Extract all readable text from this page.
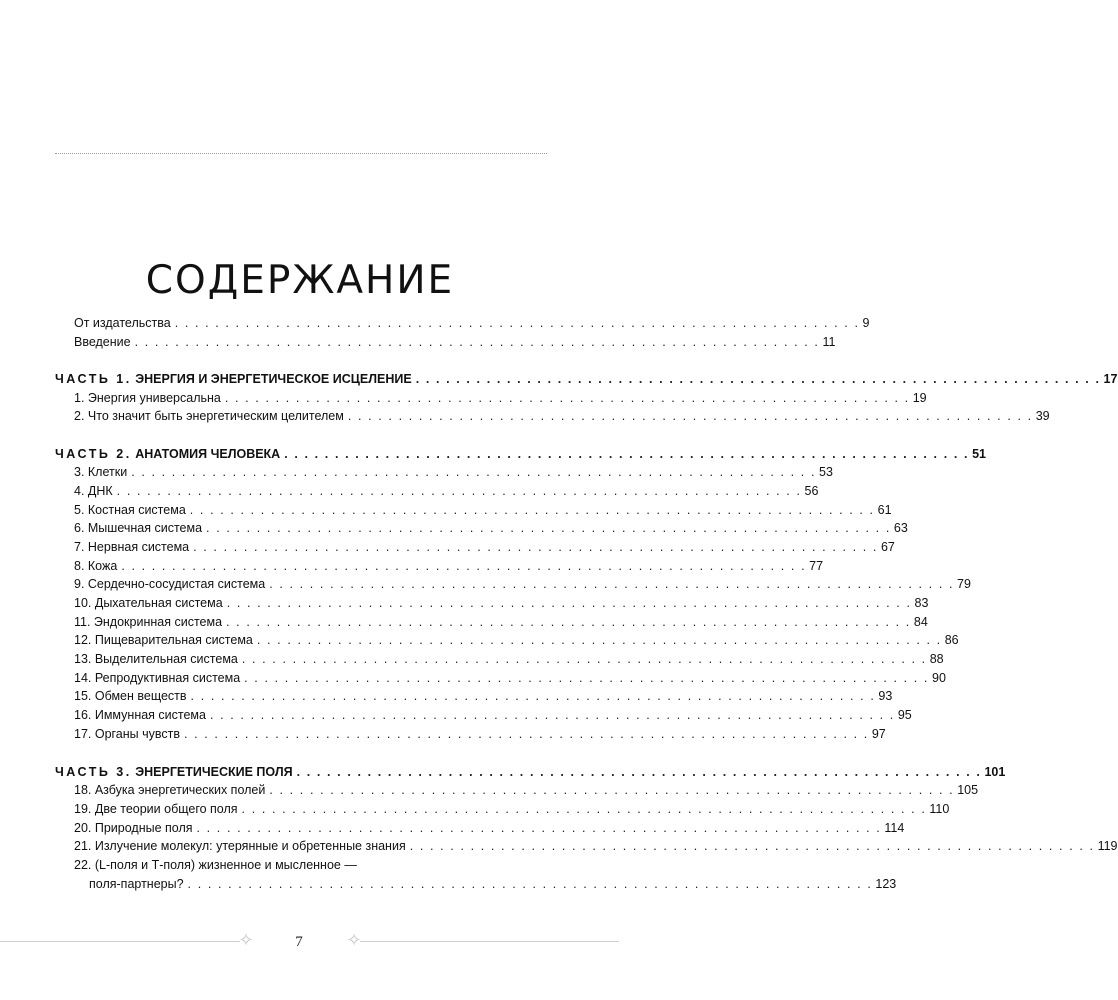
СОДЕРЖАНИЕ
От издательства . . . . . . . . . . . . . . . . . . . . . . . . . . . . . . . . . . . . . . . . . . . . . . . . . . . . . . . . . . . . . . . . . . . . 9
Введение . . . . . . . . . . . . . . . . . . . . . . . . . . . . . . . . . . . . . . . . . . . . . . . . . . . . . . . . . . . . . . . . . . . . 11
ЧАСТЬ 1. ЭНЕРГИЯ И ЭНЕРГЕТИЧЕСКОЕ ИСЦЕЛЕНИЕ . . . . . . . . . . . . . . . . . . . . . . . . . . . . . . . . . . . . . . . . . . . . . . . . . . . . . . . . . . . . . . . . . . . . 17
1. Энергия универсальна . . . . . . . . . . . . . . . . . . . . . . . . . . . . . . . . . . . . . . . . . . . . . . . . . . . . . . . . . . . . . . . . . . . . 19
2. Что значит быть энергетическим целителем . . . . . . . . . . . . . . . . . . . . . . . . . . . . . . . . . . . . . . . . . . . . . . . . . . . . . . . . . . . . . . . . . . . . 39
ЧАСТЬ 2. АНАТОМИЯ ЧЕЛОВЕКА . . . . . . . . . . . . . . . . . . . . . . . . . . . . . . . . . . . . . . . . . . . . . . . . . . . . . . . . . . . . . . . . . . . . 51
3. Клетки . . . . . . . . . . . . . . . . . . . . . . . . . . . . . . . . . . . . . . . . . . . . . . . . . . . . . . . . . . . . . . . . . . . . 53
4. ДНК . . . . . . . . . . . . . . . . . . . . . . . . . . . . . . . . . . . . . . . . . . . . . . . . . . . . . . . . . . . . . . . . . . . . 56
5. Костная система . . . . . . . . . . . . . . . . . . . . . . . . . . . . . . . . . . . . . . . . . . . . . . . . . . . . . . . . . . . . . . . . . . . . 61
6. Мышечная система . . . . . . . . . . . . . . . . . . . . . . . . . . . . . . . . . . . . . . . . . . . . . . . . . . . . . . . . . . . . . . . . . . . . 63
7. Нервная система . . . . . . . . . . . . . . . . . . . . . . . . . . . . . . . . . . . . . . . . . . . . . . . . . . . . . . . . . . . . . . . . . . . . 67
8. Кожа . . . . . . . . . . . . . . . . . . . . . . . . . . . . . . . . . . . . . . . . . . . . . . . . . . . . . . . . . . . . . . . . . . . . 77
9. Сердечно-сосудистая система . . . . . . . . . . . . . . . . . . . . . . . . . . . . . . . . . . . . . . . . . . . . . . . . . . . . . . . . . . . . . . . . . . . . 79
10. Дыхательная система . . . . . . . . . . . . . . . . . . . . . . . . . . . . . . . . . . . . . . . . . . . . . . . . . . . . . . . . . . . . . . . . . . . . 83
11. Эндокринная система . . . . . . . . . . . . . . . . . . . . . . . . . . . . . . . . . . . . . . . . . . . . . . . . . . . . . . . . . . . . . . . . . . . . 84
12. Пищеварительная система . . . . . . . . . . . . . . . . . . . . . . . . . . . . . . . . . . . . . . . . . . . . . . . . . . . . . . . . . . . . . . . . . . . . 86
13. Выделительная система . . . . . . . . . . . . . . . . . . . . . . . . . . . . . . . . . . . . . . . . . . . . . . . . . . . . . . . . . . . . . . . . . . . . 88
14. Репродуктивная система . . . . . . . . . . . . . . . . . . . . . . . . . . . . . . . . . . . . . . . . . . . . . . . . . . . . . . . . . . . . . . . . . . . . 90
15. Обмен веществ . . . . . . . . . . . . . . . . . . . . . . . . . . . . . . . . . . . . . . . . . . . . . . . . . . . . . . . . . . . . . . . . . . . . 93
16. Иммунная система . . . . . . . . . . . . . . . . . . . . . . . . . . . . . . . . . . . . . . . . . . . . . . . . . . . . . . . . . . . . . . . . . . . . 95
17. Органы чувств . . . . . . . . . . . . . . . . . . . . . . . . . . . . . . . . . . . . . . . . . . . . . . . . . . . . . . . . . . . . . . . . . . . . 97
ЧАСТЬ 3. ЭНЕРГЕТИЧЕСКИЕ ПОЛЯ . . . . . . . . . . . . . . . . . . . . . . . . . . . . . . . . . . . . . . . . . . . . . . . . . . . . . . . . . . . . . . . . . . . . 101
18. Азбука энергетических полей . . . . . . . . . . . . . . . . . . . . . . . . . . . . . . . . . . . . . . . . . . . . . . . . . . . . . . . . . . . . . . . . . . . . 105
19. Две теории общего поля . . . . . . . . . . . . . . . . . . . . . . . . . . . . . . . . . . . . . . . . . . . . . . . . . . . . . . . . . . . . . . . . . . . . 110
20. Природные поля . . . . . . . . . . . . . . . . . . . . . . . . . . . . . . . . . . . . . . . . . . . . . . . . . . . . . . . . . . . . . . . . . . . . 114
21. Излучение молекул: утерянные и обретенные знания . . . . . . . . . . . . . . . . . . . . . . . . . . . . . . . . . . . . . . . . . . . . . . . . . . . . . . . . . . . . . . . . . . . . 119
22. (L-поля и Т-поля) жизненное и мысленное —
поля-партнеры? . . . . . . . . . . . . . . . . . . . . . . . . . . . . . . . . . . . . . . . . . . . . . . . . . . . . . . . . . . . . . . . . . . . . 123
✧	✧
7
